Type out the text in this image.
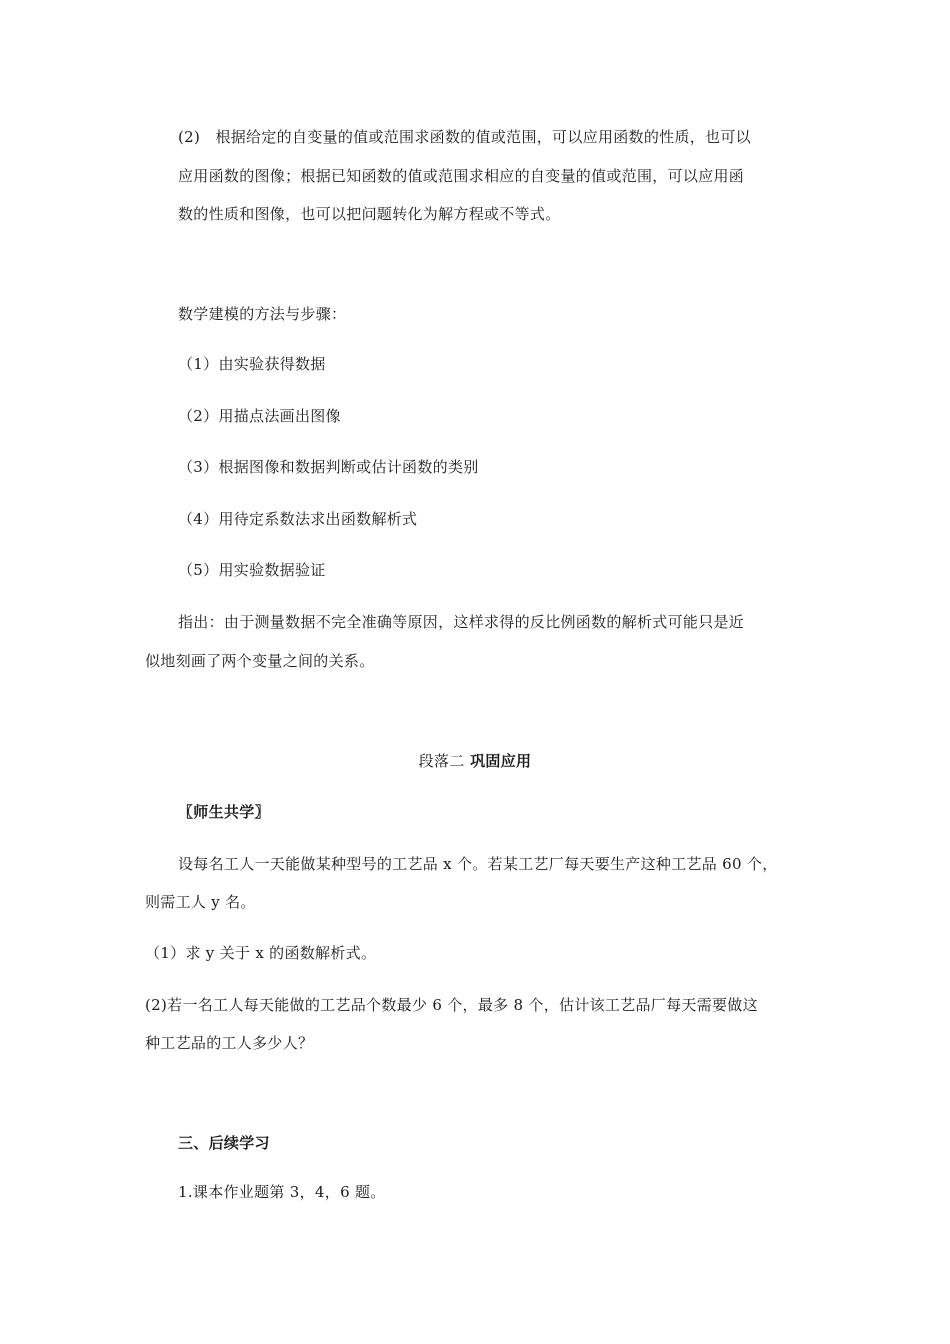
(2)　根据给定的自变量的值或范围求函数的值或范围，可以应用函数的性质，也可以
应用函数的图像；根据已知函数的值或范围求相应的自变量的值或范围，可以应用函
数的性质和图像，也可以把问题转化为解方程或不等式。
数学建模的方法与步骤：
（1）由实验获得数据
（2）用描点法画出图像
（3）根据图像和数据判断或估计函数的类别
（4）用待定系数法求出函数解析式
（5）用实验数据验证
指出：由于测量数据不完全准确等原因，这样求得的反比例函数的解析式可能只是近
似地刻画了两个变量之间的关系。
段落二 巩固应用
〖师生共学〗
设每名工人一天能做某种型号的工艺品 x 个。若某工艺厂每天要生产这种工艺品 60 个，
则需工人 y 名。
（1）求 y 关于 x 的函数解析式。
(2)若一名工人每天能做的工艺品个数最少 6 个，最多 8 个，估计该工艺品厂每天需要做这
种工艺品的工人多少人？
三、后续学习
1.课本作业题第 3，4，6 题。
